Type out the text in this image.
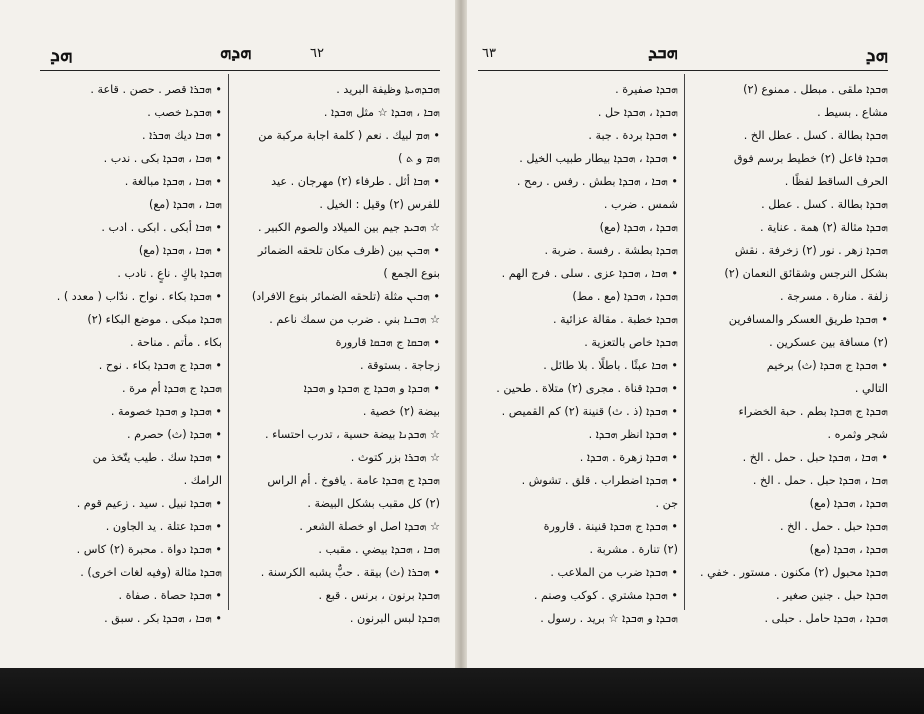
ܗܕ	ܗܕܗ	٦٢
• ܗܒܪܐ قصر . حصن . قاعة .
• ܗܒܕܝܐ خصب .
• ܗܒܐ ديك ܗܒܪܐ .
• ܗܒܐ ، ܗܒܕܐ بكى . ندب .
• ܗܒܐ ، ܗܒܕܐ مبالغة .
ܗܒܐ ، ܗܒܕܐ (مع)
• ܗܒܐ أبكى . ابكى . ادب .
• ܗܒܐ ، ܗܒܕܐ (مع)
ܗܒܕܐ باكٍ . ناعٍ . نادب .
• ܗܒܕܐ بكاء . نواح . ندّاب ( معدد ) .
ܗܒܕܐ مبكى . موضع البكاء (٢)
بكاء . مأتم . مناحة .
• ܗܒܕܐ ج ܗܒܕܐ بكاء . نوح .
ܗܒܕܐ ج ܗܒܕܐ أم مرة .
• ܗܒܕܐ و ܗܒܕܐ خصومة .
• ܗܒܕܐ (ث) حصرم .
• ܗܒܕܐ سك . طيب يتّخذ من
الرامك .
• ܗܒܕܐ نبيل . سيد . زعيم قوم .
• ܗܒܕܐ عتلة . يد الجاون .
• ܗܒܕܐ دواة . محبرة (٢) كاس .
ܗܒܕܐ مثالة (وفيه لغات اخرى) .
• ܗܒܕܐ حصاة . صفاة .
• ܗܒܐ ، ܗܒܕܐ بكر . سبق .
ܗܒܕܗܝܬܐ وظيفة البريد .
ܗܒܐ ، ܗܒܕܐ ☆ مثل ܗܒܕܐ .
• ܗܡ لبيك . نعم ( كلمة اجابة مركبة من
ܗܡ و ܬ )
• ܗܒܐ أثل . طرفاء (٢) مهرجان . عيد
للفرس (٢) وقيل : الخيل .
☆ ܗܒܝܕ جيم بين الميلاد والصوم الكبير .
• ܗܒܝܢ بين (ظرف مكان تلحقه الضمائر
بنوع الجمع )
• ܗܒܝܢ مثلة (تلحقه الضمائر بنوع الافراد)
☆ ܗܒܢܐ بني . ضرب من سمك ناعم .
• ܗܒܩܐ ج ܗܒܩܐ قارورة
زجاجة . بستوقة .
• ܗܒܕܐ و ܗܒܕܐ ج ܗܒܕܐ و ܗܒܕܐ
بيضة (٢) خصية .
☆ ܗܒܕܢܐ بيضة حسية ، تدرب احتساء .
☆ ܗܒܪܐ بزر كتوث .
ܗܒܕܐ ج ܗܒܕܐ عامة . يافوخ . أم الراس
(٢) كل مقبب بشكل البيضة .
☆ ܗܒܕܐ اصل او خصلة الشعر .
ܗܒܐ ، ܗܒܕܐ بيضي . مقبب .
• ܗܒܪܐ (ث) بيقة . حبٌّ يشبه الكرسنة .
ܗܒܕܐ برنون ، برنس . قبع .
ܗܒܕܐ لبس البرنون .
٦٣	ܗܒܕ	ܗܕ
ܗܒܕܐ صفيرة .
ܗܒܕܐ ، ܗܒܕܐ حل .
• ܗܒܕܐ بردة . جبة .
• ܗܒܕܐ ، ܗܒܕܐ بيطار طبيب الخيل .
• ܗܒܐ ، ܗܒܕܐ بطش . رفس . رمح .
شمس . ضرب .
ܗܒܕܐ ، ܗܒܕܐ (مع)
ܗܒܕܐ بطشة . رفسة . ضربة .
• ܗܒܐ ، ܗܒܕܐ عزى . سلى . فرج الهم .
ܗܒܕܐ ، ܗܒܕܐ (مع . مط)
ܗܒܕܐ خطبة . مقالة عزائية .
ܗܒܕܐ خاص بالتعزية .
• ܗܒܐ عبثًا . باطلًا . بلا طائل .
• ܗܒܕܐ قناة . مجرى (٢) متلاة . طحين .
• ܗܒܕܐ (ذ . ث) قنينة (٢) كم القميص .
• ܗܒܕܐ انظر ܗܒܕܐ .
• ܗܒܕܐ زهرة . ܗܒܕܐ .
• ܗܒܕܐ اضطراب . قلق . تشوش .
جن .
• ܗܒܕܐ ج ܗܒܕܐ قنينة . قارورة
(٢) تنارة . مشربة .
• ܗܒܕܐ ضرب من الملاعب .
• ܗܒܕܐ مشتري . كوكب وصنم .
ܗܒܕܐ و ܗܒܕܐ ☆ بريد . رسول .
ܗܒܕܐ ملقى . مبطل . ممنوع (٢)
مشاع . بسيط .
ܗܒܕܐ بطالة . كسل . عطل الخ .
ܗܒܕܐ فاعل (٢) خطيط برسم فوق
الحرف الساقط لفظًا .
ܗܒܕܐ بطالة . كسل . عطل .
ܗܒܕܐ مثالة (٢) همة . عناية .
ܗܒܕܐ زهر . نور (٢) زخرفة . نقش
بشكل النرجس وشقائق النعمان (٢)
زلفة . منارة . مسرجة .
• ܗܒܕܐ طريق العسكر والمسافرين
(٢) مسافة بين عسكرين .
• ܗܒܕܐ ج ܗܒܕܐ (ث) برخيم
التالي .
ܗܒܕܐ ج ܗܒܕܐ بطم . حبة الخضراء
شجر وثمره .
• ܗܒܐ ، ܗܒܕܐ حبل . حمل . الخ .
ܗܒܐ ، ܗܒܕܐ حبل . حمل . الخ .
ܗܒܕܐ ، ܗܒܕܐ (مع)
ܗܒܕܐ حبل . حمل . الخ .
ܗܒܕܐ ، ܗܒܕܐ (مع)
ܗܒܕܐ محبول (٢) مكنون . مستور . خفي .
ܗܒܕܐ حبل . جنين صغير .
ܗܒܕܐ ، ܗܒܕܐ حامل . حبلى .
